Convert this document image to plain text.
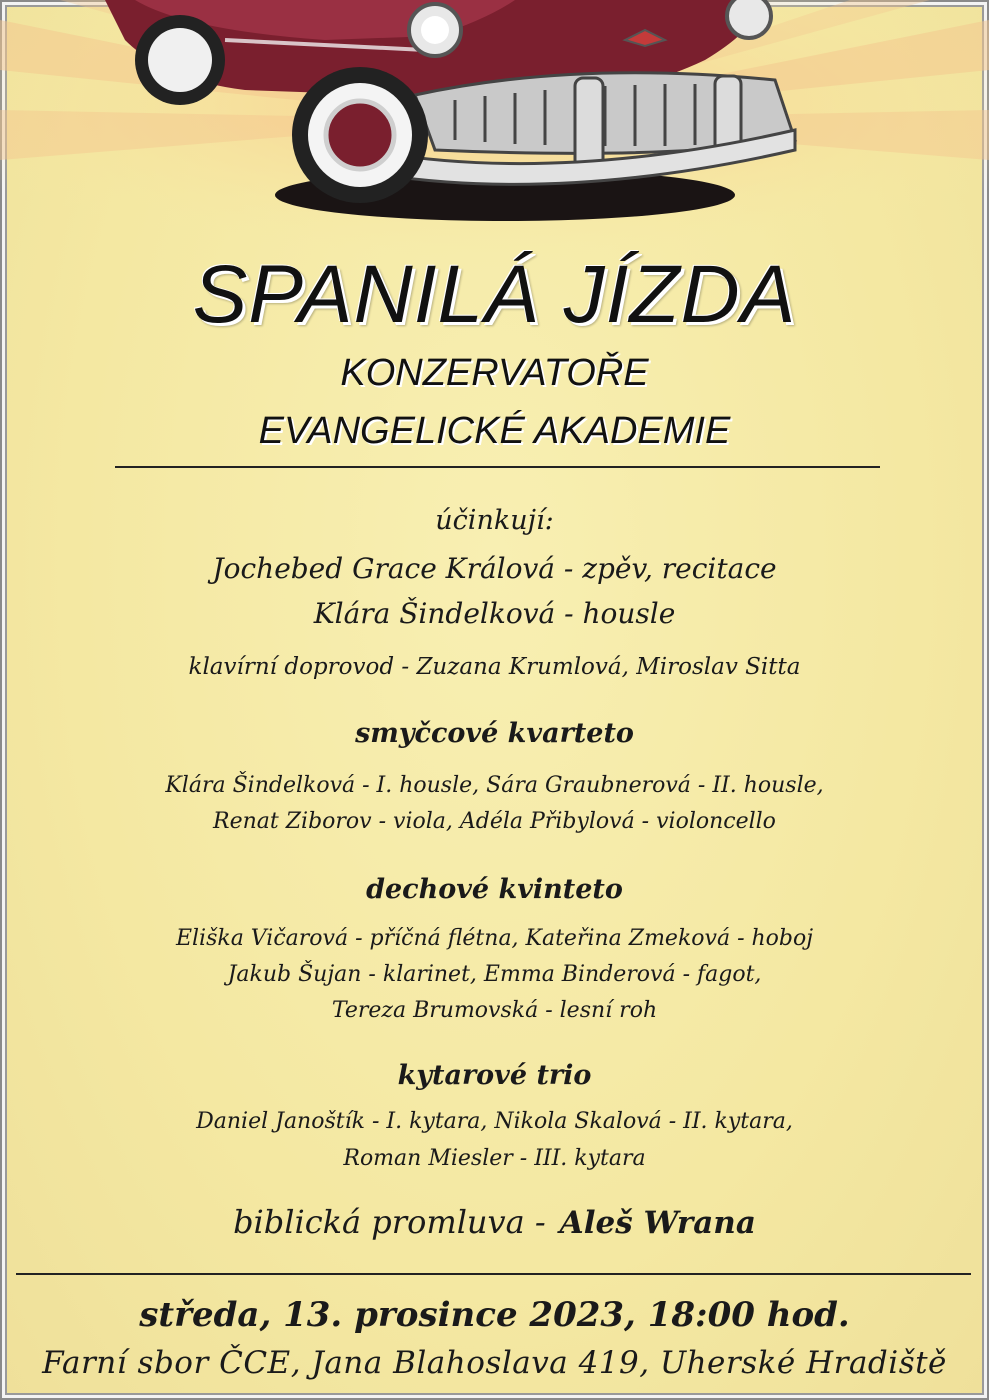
SPANILÁ JÍZDA
KONZERVATOŘE
EVANGELICKÉ AKADEMIE
účinkují:
Jochebed Grace Králová - zpěv, recitace
Klára Šindelková - housle
klavírní doprovod - Zuzana Krumlová, Miroslav Sitta
smyčcové kvarteto
Klára Šindelková - I. housle, Sára Graubnerová - II. housle,
Renat Ziborov - viola, Adéla Přibylová - violoncello
dechové kvinteto
Eliška Vičarová - příčná flétna, Kateřina Zmeková - hoboj
Jakub Šujan - klarinet, Emma Binderová - fagot,
Tereza Brumovská - lesní roh
kytarové trio
Daniel Janoštík - I. kytara, Nikola Skalová - II. kytara,
Roman Miesler - III. kytara
biblická promluva - Aleš Wrana
středa, 13. prosince 2023, 18:00 hod.
Farní sbor ČCE, Jana Blahoslava 419, Uherské Hradiště
